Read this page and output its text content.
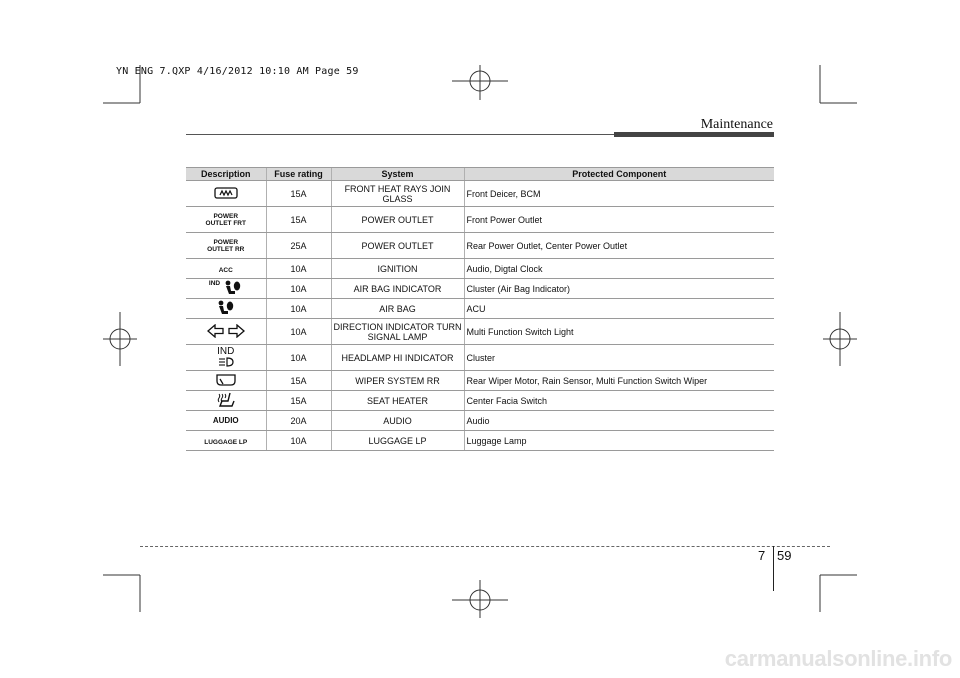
YN ENG 7.QXP 4/16/2012 10:10 AM Page 59
Maintenance
Description	Fuse rating	System	Protected Component
	15A	FRONT HEAT RAYS JOIN GLASS	Front Deicer, BCM
POWER OUTLET FRT	15A	POWER OUTLET	Front Power Outlet
POWER OUTLET RR	25A	POWER OUTLET	Rear Power Outlet, Center Power Outlet
ACC	10A	IGNITION	Audio, Digtal Clock
IND	10A	AIR BAG INDICATOR	Cluster (Air Bag Indicator)
	10A	AIR BAG	ACU
	10A	DIRECTION INDICATOR TURN SIGNAL LAMP	Multi Function Switch Light

IND	10A	HEADLAMP HI INDICATOR	Cluster
	15A	WIPER SYSTEM RR	Rear Wiper Motor, Rain Sensor, Multi Function Switch Wiper
	15A	SEAT HEATER	Center Facia Switch
AUDIO	20A	AUDIO	Audio
LUGGAGE LP	10A	LUGGAGE LP	Luggage Lamp
7 59
carmanualsonline.info
